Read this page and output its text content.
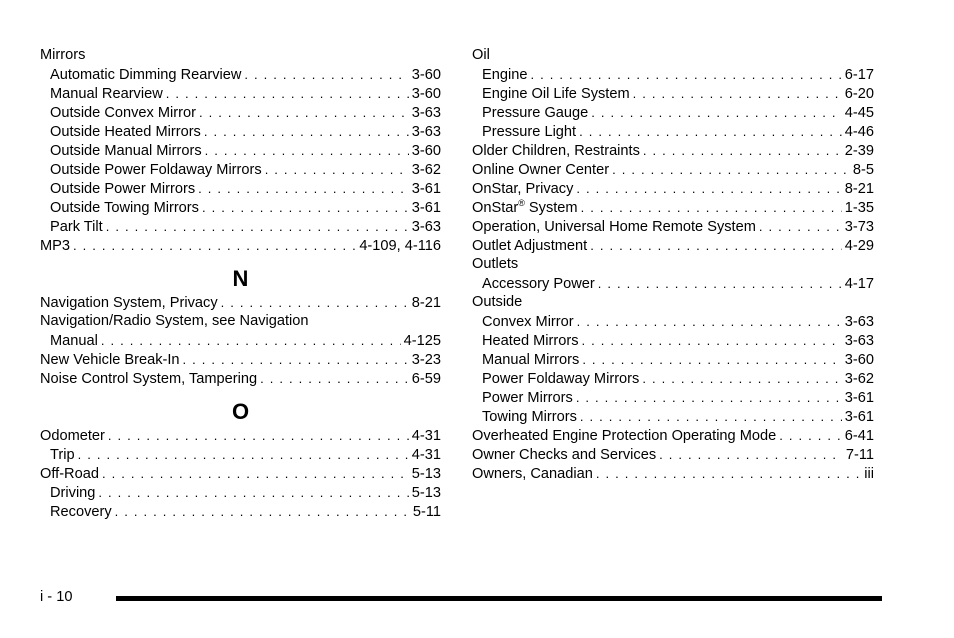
Mirrors
Automatic Dimming Rearview . . .	3-60
Manual Rearview . . .	3-60
Outside Convex Mirror . . .	3-63
Outside Heated Mirrors . . .	3-63
Outside Manual Mirrors . . .	3-60
Outside Power Foldaway Mirrors . . .	3-62
Outside Power Mirrors . . .	3-61
Outside Towing Mirrors . . .	3-61
Park Tilt . . .	3-63
MP3 . . .	4-109, 4-116
N
Navigation System, Privacy . . .	8-21
Navigation/Radio System, see Navigation
Manual . . .	4-125
New Vehicle Break-In . . .	3-23
Noise Control System, Tampering . . .	6-59
O
Odometer . . .	4-31
Trip . . .	4-31
Off-Road . . .	5-13
Driving . . .	5-13
Recovery . . .	5-11
Oil
Engine . . .	6-17
Engine Oil Life System . . .	6-20
Pressure Gauge . . .	4-45
Pressure Light . . .	4-46
Older Children, Restraints . . .	2-39
Online Owner Center . . .	8-5
OnStar, Privacy . . .	8-21
OnStar® System . . .	1-35
Operation, Universal Home Remote System . . .	3-73
Outlet Adjustment . . .	4-29
Outlets
Accessory Power . . .	4-17
Outside
Convex Mirror . . .	3-63
Heated Mirrors . . .	3-63
Manual Mirrors . . .	3-60
Power Foldaway Mirrors . . .	3-62
Power Mirrors . . .	3-61
Towing Mirrors . . .	3-61
Overheated Engine Protection Operating Mode . . .	6-41
Owner Checks and Services . . .	7-11
Owners, Canadian . . .	iii
i - 10
